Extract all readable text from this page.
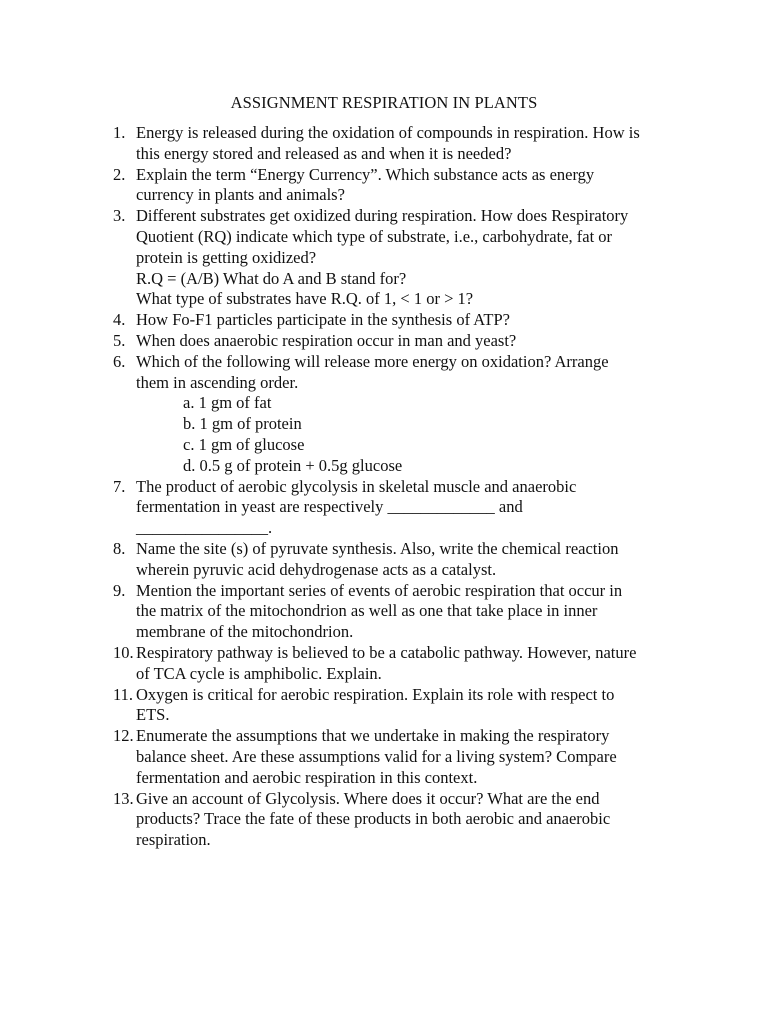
ASSIGNMENT RESPIRATION IN PLANTS
1. Energy is released during the oxidation of compounds in respiration. How is
this energy stored and released as and when it is needed?
2. Explain the term “Energy Currency”. Which substance acts as energy
currency in plants and animals?
3. Different substrates get oxidized during respiration. How does Respiratory
Quotient (RQ) indicate which type of substrate, i.e., carbohydrate, fat or
protein is getting oxidized?
R.Q = (A/B) What do A and B stand for?
What type of substrates have R.Q. of 1, < 1 or > 1?
4. How Fo-F1 particles participate in the synthesis of ATP?
5. When does anaerobic respiration occur in man and yeast?
6. Which of the following will release more energy on oxidation? Arrange
them in ascending order.
a. 1 gm of fat
b. 1 gm of protein
c. 1 gm of glucose
d. 0.5 g of protein + 0.5g glucose
7. The product of aerobic glycolysis in skeletal muscle and anaerobic
fermentation in yeast are respectively _____________ and
________________.
8. Name the site (s) of pyruvate synthesis. Also, write the chemical reaction
wherein pyruvic acid dehydrogenase acts as a catalyst.
9. Mention the important series of events of aerobic respiration that occur in
the matrix of the mitochondrion as well as one that take place in inner
membrane of the mitochondrion.
10. Respiratory pathway is believed to be a catabolic pathway. However, nature
of TCA cycle is amphibolic. Explain.
11. Oxygen is critical for aerobic respiration. Explain its role with respect to
ETS.
12. Enumerate the assumptions that we undertake in making the respiratory
balance sheet. Are these assumptions valid for a living system? Compare
fermentation and aerobic respiration in this context.
13. Give an account of Glycolysis. Where does it occur? What are the end
products? Trace the fate of these products in both aerobic and anaerobic
respiration.
